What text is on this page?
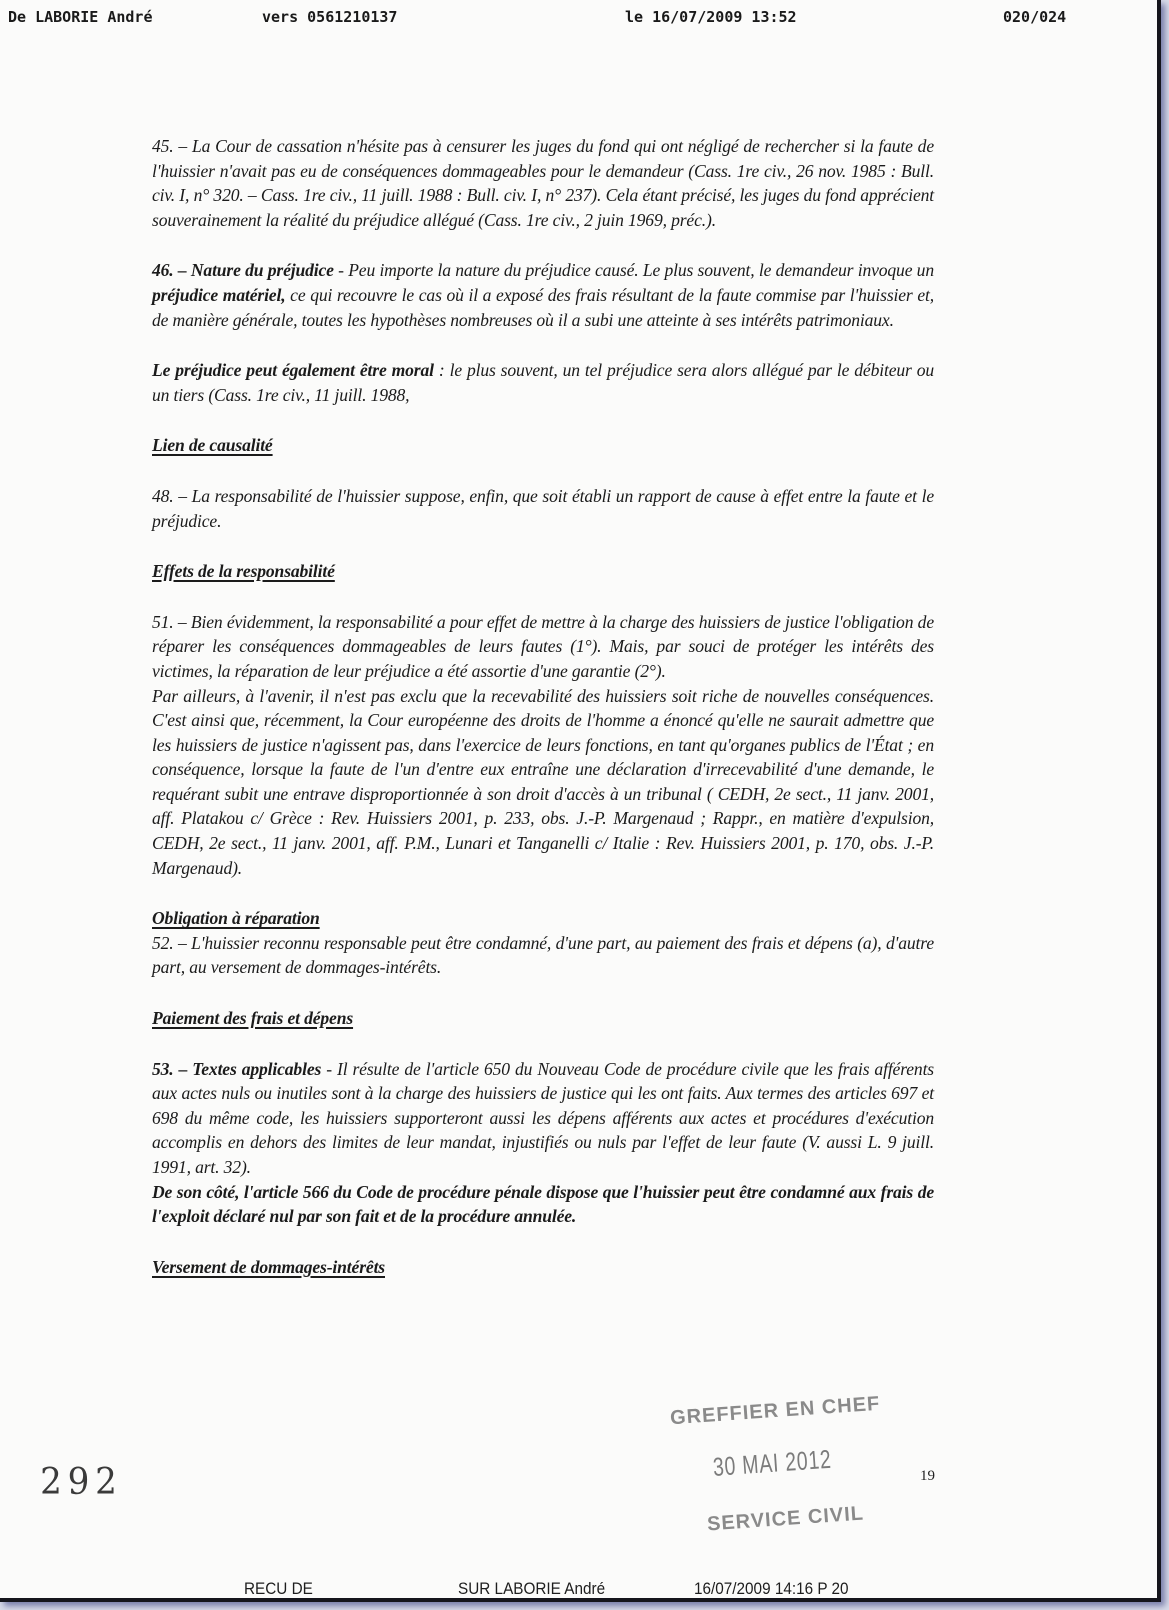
De LABORIE André	vers 0561210137	le 16/07/2009 13:52	020/024

45. – La Cour de cassation n'hésite pas à censurer les juges du fond qui ont négligé de rechercher si la faute de l'huissier n'avait pas eu de conséquences dommageables pour le demandeur (Cass. 1re civ., 26 nov. 1985 : Bull. civ. I, n° 320. – Cass. 1re civ., 11 juill. 1988 : Bull. civ. I, n° 237). Cela étant précisé, les juges du fond apprécient souverainement la réalité du préjudice allégué (Cass. 1re civ., 2 juin 1969, préc.).

46. – Nature du préjudice - Peu importe la nature du préjudice causé. Le plus souvent, le demandeur invoque un préjudice matériel, ce qui recouvre le cas où il a exposé des frais résultant de la faute commise par l'huissier et, de manière générale, toutes les hypothèses nombreuses où il a subi une atteinte à ses intérêts patrimoniaux.

Le préjudice peut également être moral : le plus souvent, un tel préjudice sera alors allégué par le débiteur ou un tiers (Cass. 1re civ., 11 juill. 1988,

Lien de causalité

48. – La responsabilité de l'huissier suppose, enfin, que soit établi un rapport de cause à effet entre la faute et le préjudice.

Effets de la responsabilité

51. – Bien évidemment, la responsabilité a pour effet de mettre à la charge des huissiers de justice l'obligation de réparer les conséquences dommageables de leurs fautes (1°). Mais, par souci de protéger les intérêts des victimes, la réparation de leur préjudice a été assortie d'une garantie (2°).

Par ailleurs, à l'avenir, il n'est pas exclu que la recevabilité des huissiers soit riche de nouvelles conséquences. C'est ainsi que, récemment, la Cour européenne des droits de l'homme a énoncé qu'elle ne saurait admettre que les huissiers de justice n'agissent pas, dans l'exercice de leurs fonctions, en tant qu'organes publics de l'État ; en conséquence, lorsque la faute de l'un d'entre eux entraîne une déclaration d'irrecevabilité d'une demande, le requérant subit une entrave disproportionnée à son droit d'accès à un tribunal ( CEDH, 2e sect., 11 janv. 2001, aff. Platakou c/ Grèce : Rev. Huissiers 2001, p. 233, obs. J.-P. Margenaud ; Rappr., en matière d'expulsion, CEDH, 2e sect., 11 janv. 2001, aff. P.M., Lunari et Tanganelli c/ Italie : Rev. Huissiers 2001, p. 170, obs. J.-P. Margenaud).

Obligation à réparation

52. – L'huissier reconnu responsable peut être condamné, d'une part, au paiement des frais et dépens (a), d'autre part, au versement de dommages-intérêts.

Paiement des frais et dépens

53. – Textes applicables - Il résulte de l'article 650 du Nouveau Code de procédure civile que les frais afférents aux actes nuls ou inutiles sont à la charge des huissiers de justice qui les ont faits. Aux termes des articles 697 et 698 du même code, les huissiers supporteront aussi les dépens afférents aux actes et procédures d'exécution accomplis en dehors des limites de leur mandat, injustifiés ou nuls par l'effet de leur faute (V. aussi L. 9 juill. 1991, art. 32).

De son côté, l'article 566 du Code de procédure pénale dispose que l'huissier peut être condamné aux frais de l'exploit déclaré nul par son fait et de la procédure annulée.

Versement de dommages-intérêts

GREFFIER EN CHEF
30 MAI 2012
SERVICE CIVIL
19
292
RECU DE	SUR LABORIE André	16/07/2009 14:16 P 20
